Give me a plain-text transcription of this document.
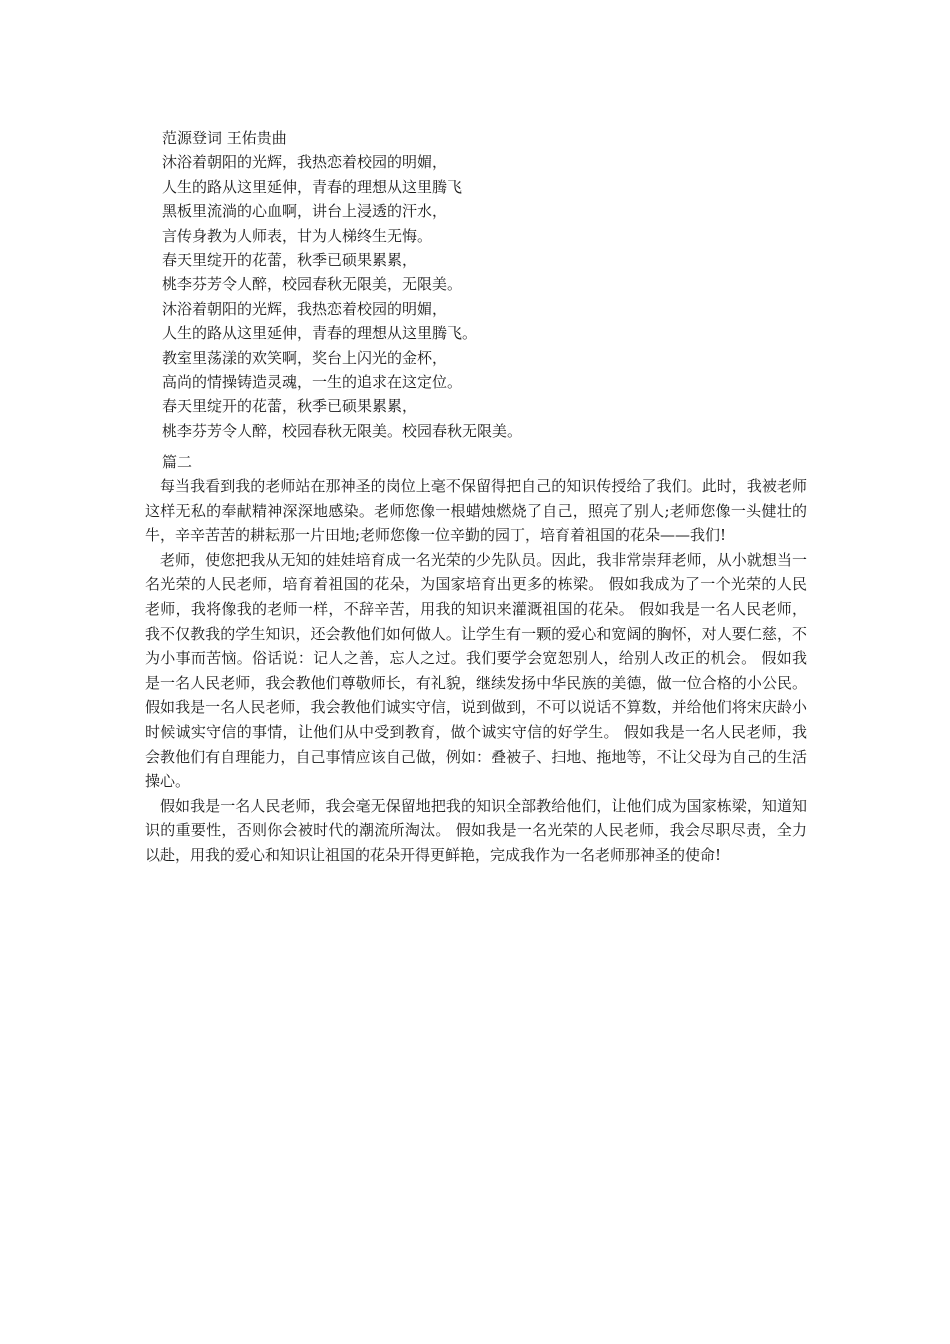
范源登词 王佑贵曲
沐浴着朝阳的光辉，我热恋着校园的明媚，
人生的路从这里延伸，青春的理想从这里腾飞
黑板里流淌的心血啊，讲台上浸透的汗水，
言传身教为人师表，甘为人梯终生无悔。
春天里绽开的花蕾，秋季已硕果累累，
桃李芬芳令人醉，校园春秋无限美，无限美。
沐浴着朝阳的光辉，我热恋着校园的明媚，
人生的路从这里延伸，青春的理想从这里腾飞。
教室里荡漾的欢笑啊，奖台上闪光的金杯，
高尚的情操铸造灵魂，一生的追求在这定位。
春天里绽开的花蕾，秋季已硕果累累，
桃李芬芳令人醉，校园春秋无限美。校园春秋无限美。
篇二

每当我看到我的老师站在那神圣的岗位上毫不保留得把自己的知识传授给了我们。此时，我被老师这样无私的奉献精神深深地感染。老师您像一根蜡烛燃烧了自己，照亮了别人;老师您像一头健壮的牛，辛辛苦苦的耕耘那一片田地;老师您像一位辛勤的园丁，培育着祖国的花朵——我们!

老师，使您把我从无知的娃娃培育成一名光荣的少先队员。因此，我非常崇拜老师，从小就想当一名光荣的人民老师，培育着祖国的花朵，为国家培育出更多的栋梁。 假如我成为了一个光荣的人民老师，我将像我的老师一样，不辞辛苦，用我的知识来灌溉祖国的花朵。 假如我是一名人民老师，我不仅教我的学生知识，还会教他们如何做人。让学生有一颗的爱心和宽阔的胸怀，对人要仁慈，不为小事而苦恼。俗话说：记人之善，忘人之过。我们要学会宽恕别人，给别人改正的机会。 假如我是一名人民老师，我会教他们尊敬师长，有礼貌，继续发扬中华民族的美德，做一位合格的小公民。 假如我是一名人民老师，我会教他们诚实守信，说到做到，不可以说话不算数，并给他们将宋庆龄小时候诚实守信的事情，让他们从中受到教育，做个诚实守信的好学生。 假如我是一名人民老师，我会教他们有自理能力，自己事情应该自己做，例如：叠被子、扫地、拖地等，不让父母为自己的生活操心。

假如我是一名人民老师，我会毫无保留地把我的知识全部教给他们，让他们成为国家栋梁，知道知识的重要性，否则你会被时代的潮流所淘汰。 假如我是一名光荣的人民老师，我会尽职尽责，全力以赴，用我的爱心和知识让祖国的花朵开得更鲜艳，完成我作为一名老师那神圣的使命!
